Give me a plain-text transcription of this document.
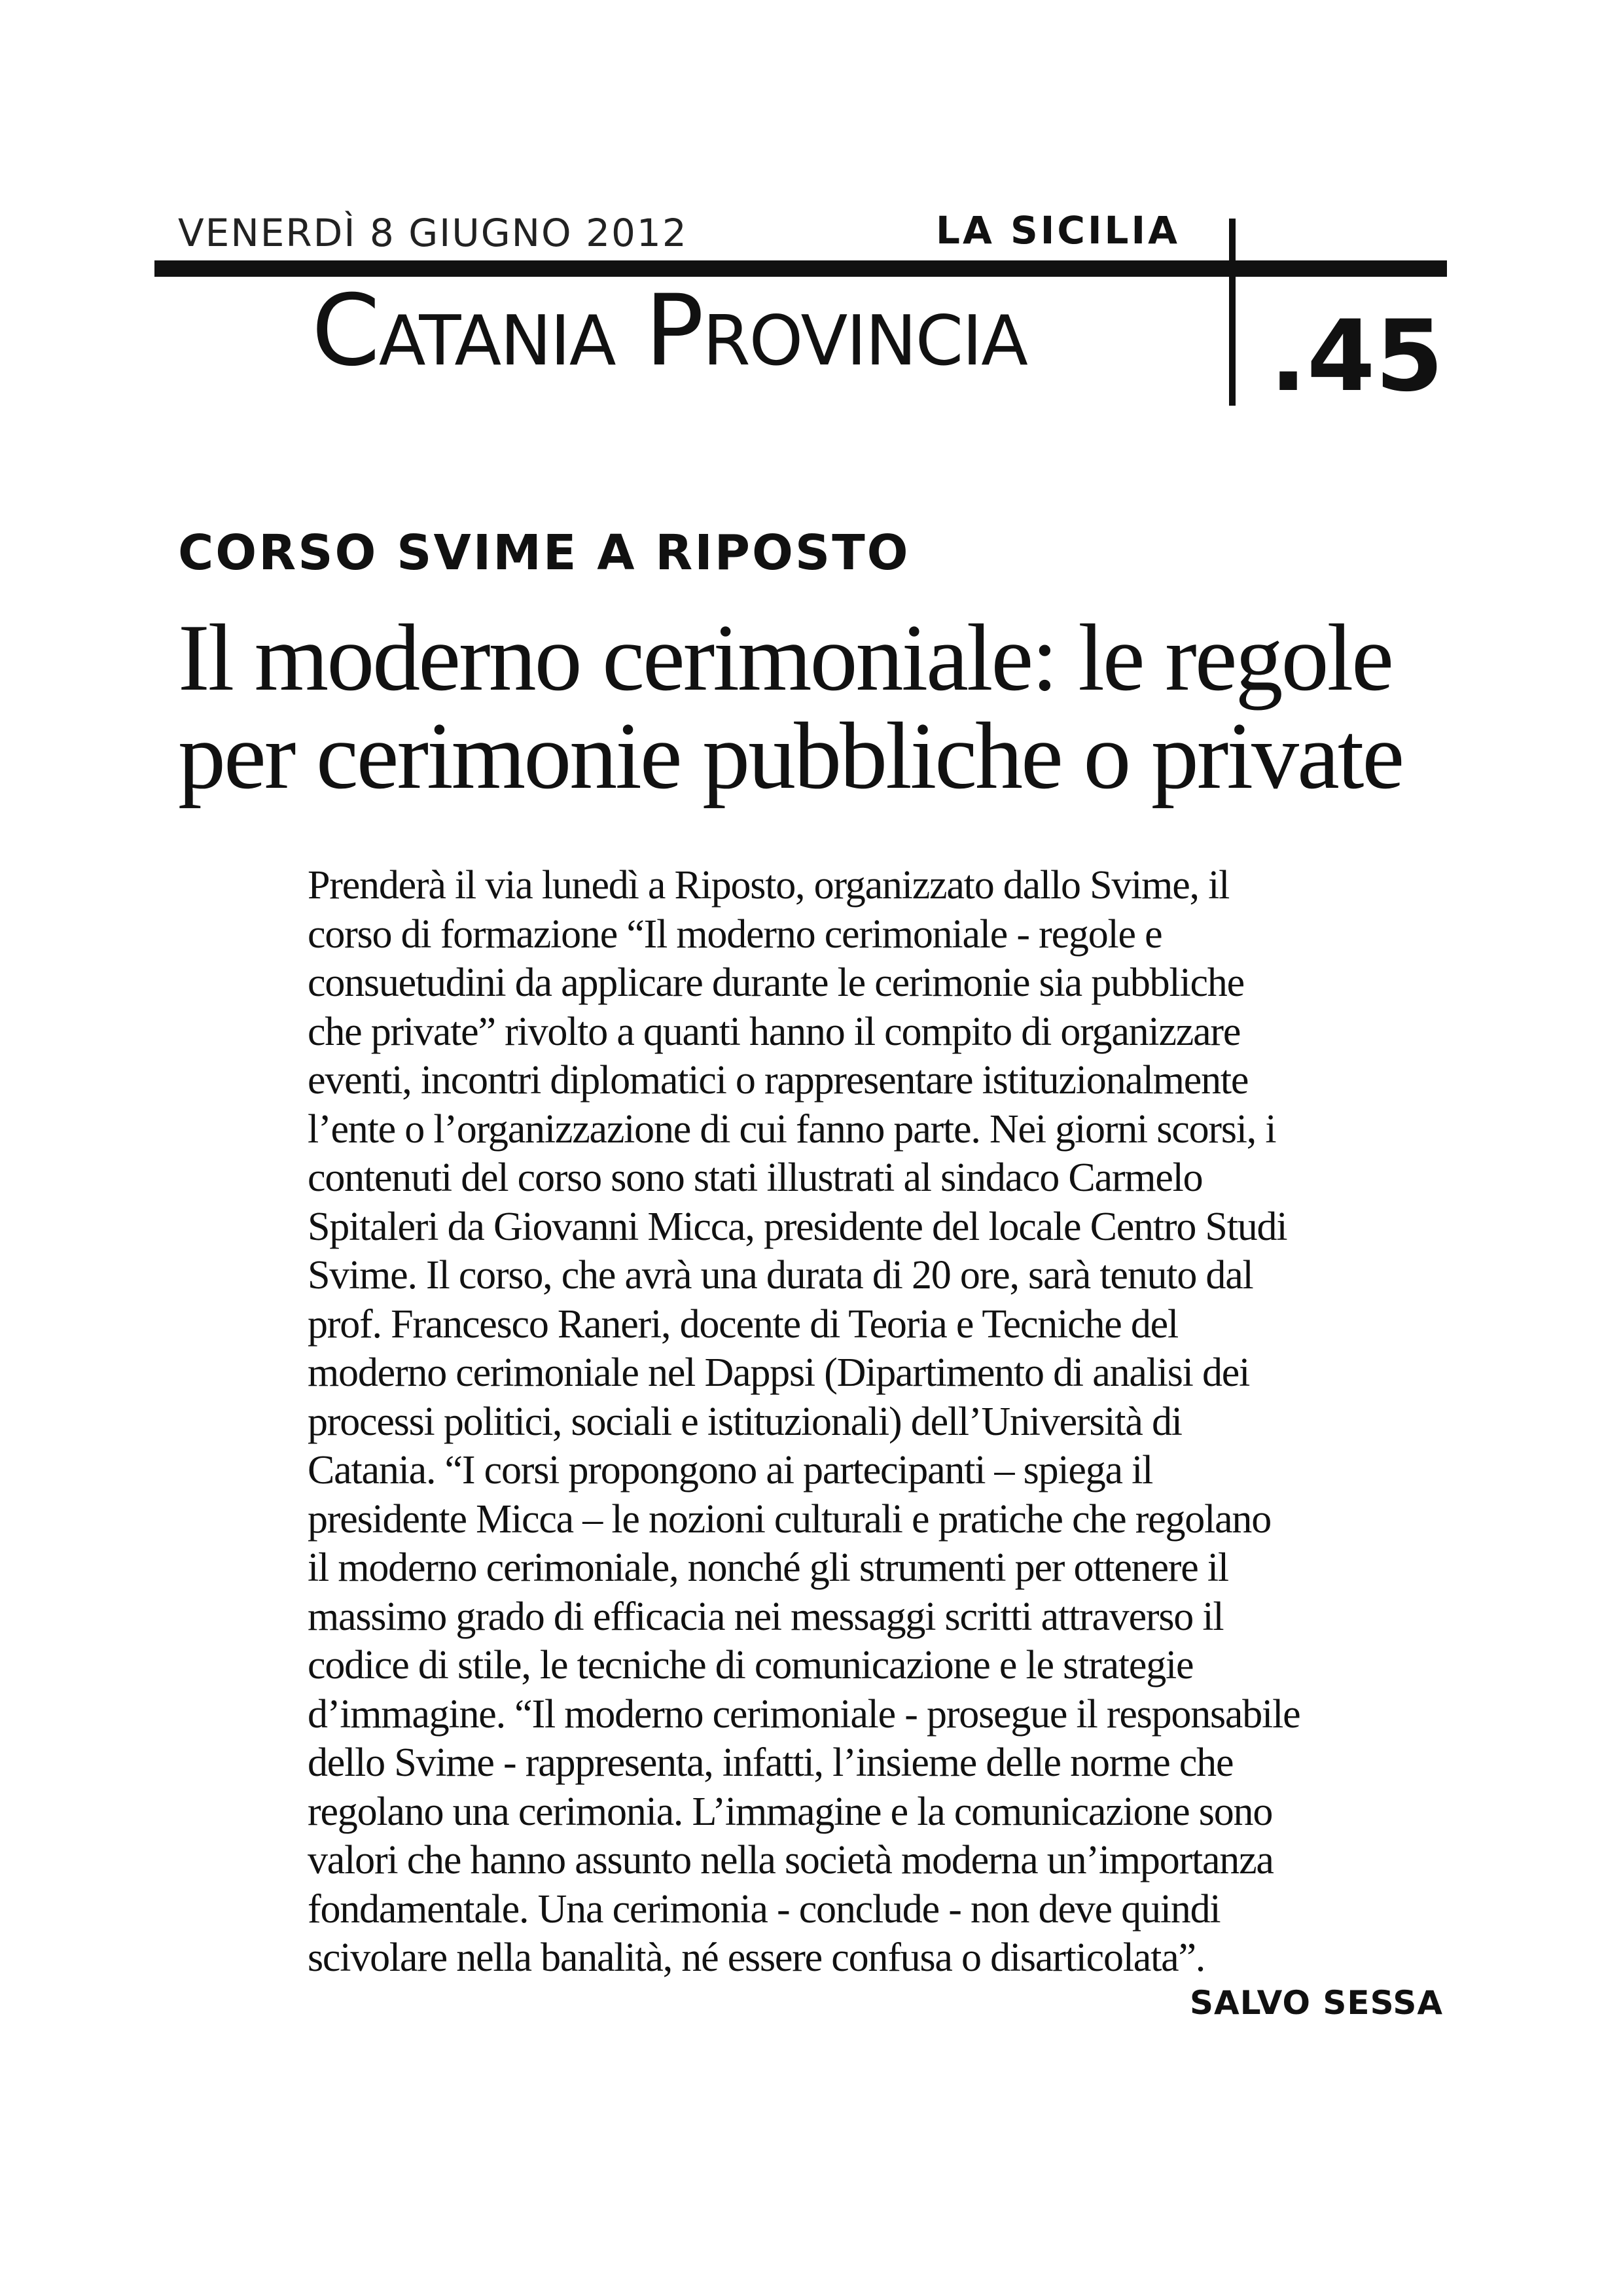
VENERDÌ 8 GIUGNO 2012	LA SICILIA
Catania Provincia .45
CORSO SVIME A RIPOSTO
Il moderno cerimoniale: le regole
per cerimonie pubbliche o private
Prenderà il via lunedì a Riposto, organizzato dallo Svime, il
corso di formazione “Il moderno cerimoniale - regole e
consuetudini da applicare durante le cerimonie sia pubbliche
che private” rivolto a quanti hanno il compito di organizzare
eventi, incontri diplomatici o rappresentare istituzionalmente
l’ente o l’organizzazione di cui fanno parte. Nei giorni scorsi, i
contenuti del corso sono stati illustrati al sindaco Carmelo
Spitaleri da Giovanni Micca, presidente del locale Centro Studi
Svime. Il corso, che avrà una durata di 20 ore, sarà tenuto dal
prof. Francesco Raneri, docente di Teoria e Tecniche del
moderno cerimoniale nel Dappsi (Dipartimento di analisi dei
processi politici, sociali e istituzionali) dell’Università di
Catania. “I corsi propongono ai partecipanti – spiega il
presidente Micca – le nozioni culturali e pratiche che regolano
il moderno cerimoniale, nonché gli strumenti per ottenere il
massimo grado di efficacia nei messaggi scritti attraverso il
codice di stile, le tecniche di comunicazione e le strategie
d’immagine. “Il moderno cerimoniale - prosegue il responsabile
dello Svime - rappresenta, infatti, l’insieme delle norme che
regolano una cerimonia. L’immagine e la comunicazione sono
valori che hanno assunto nella società moderna un’importanza
fondamentale. Una cerimonia - conclude - non deve quindi
scivolare nella banalità, né essere confusa o disarticolata”.
SALVO SESSA
